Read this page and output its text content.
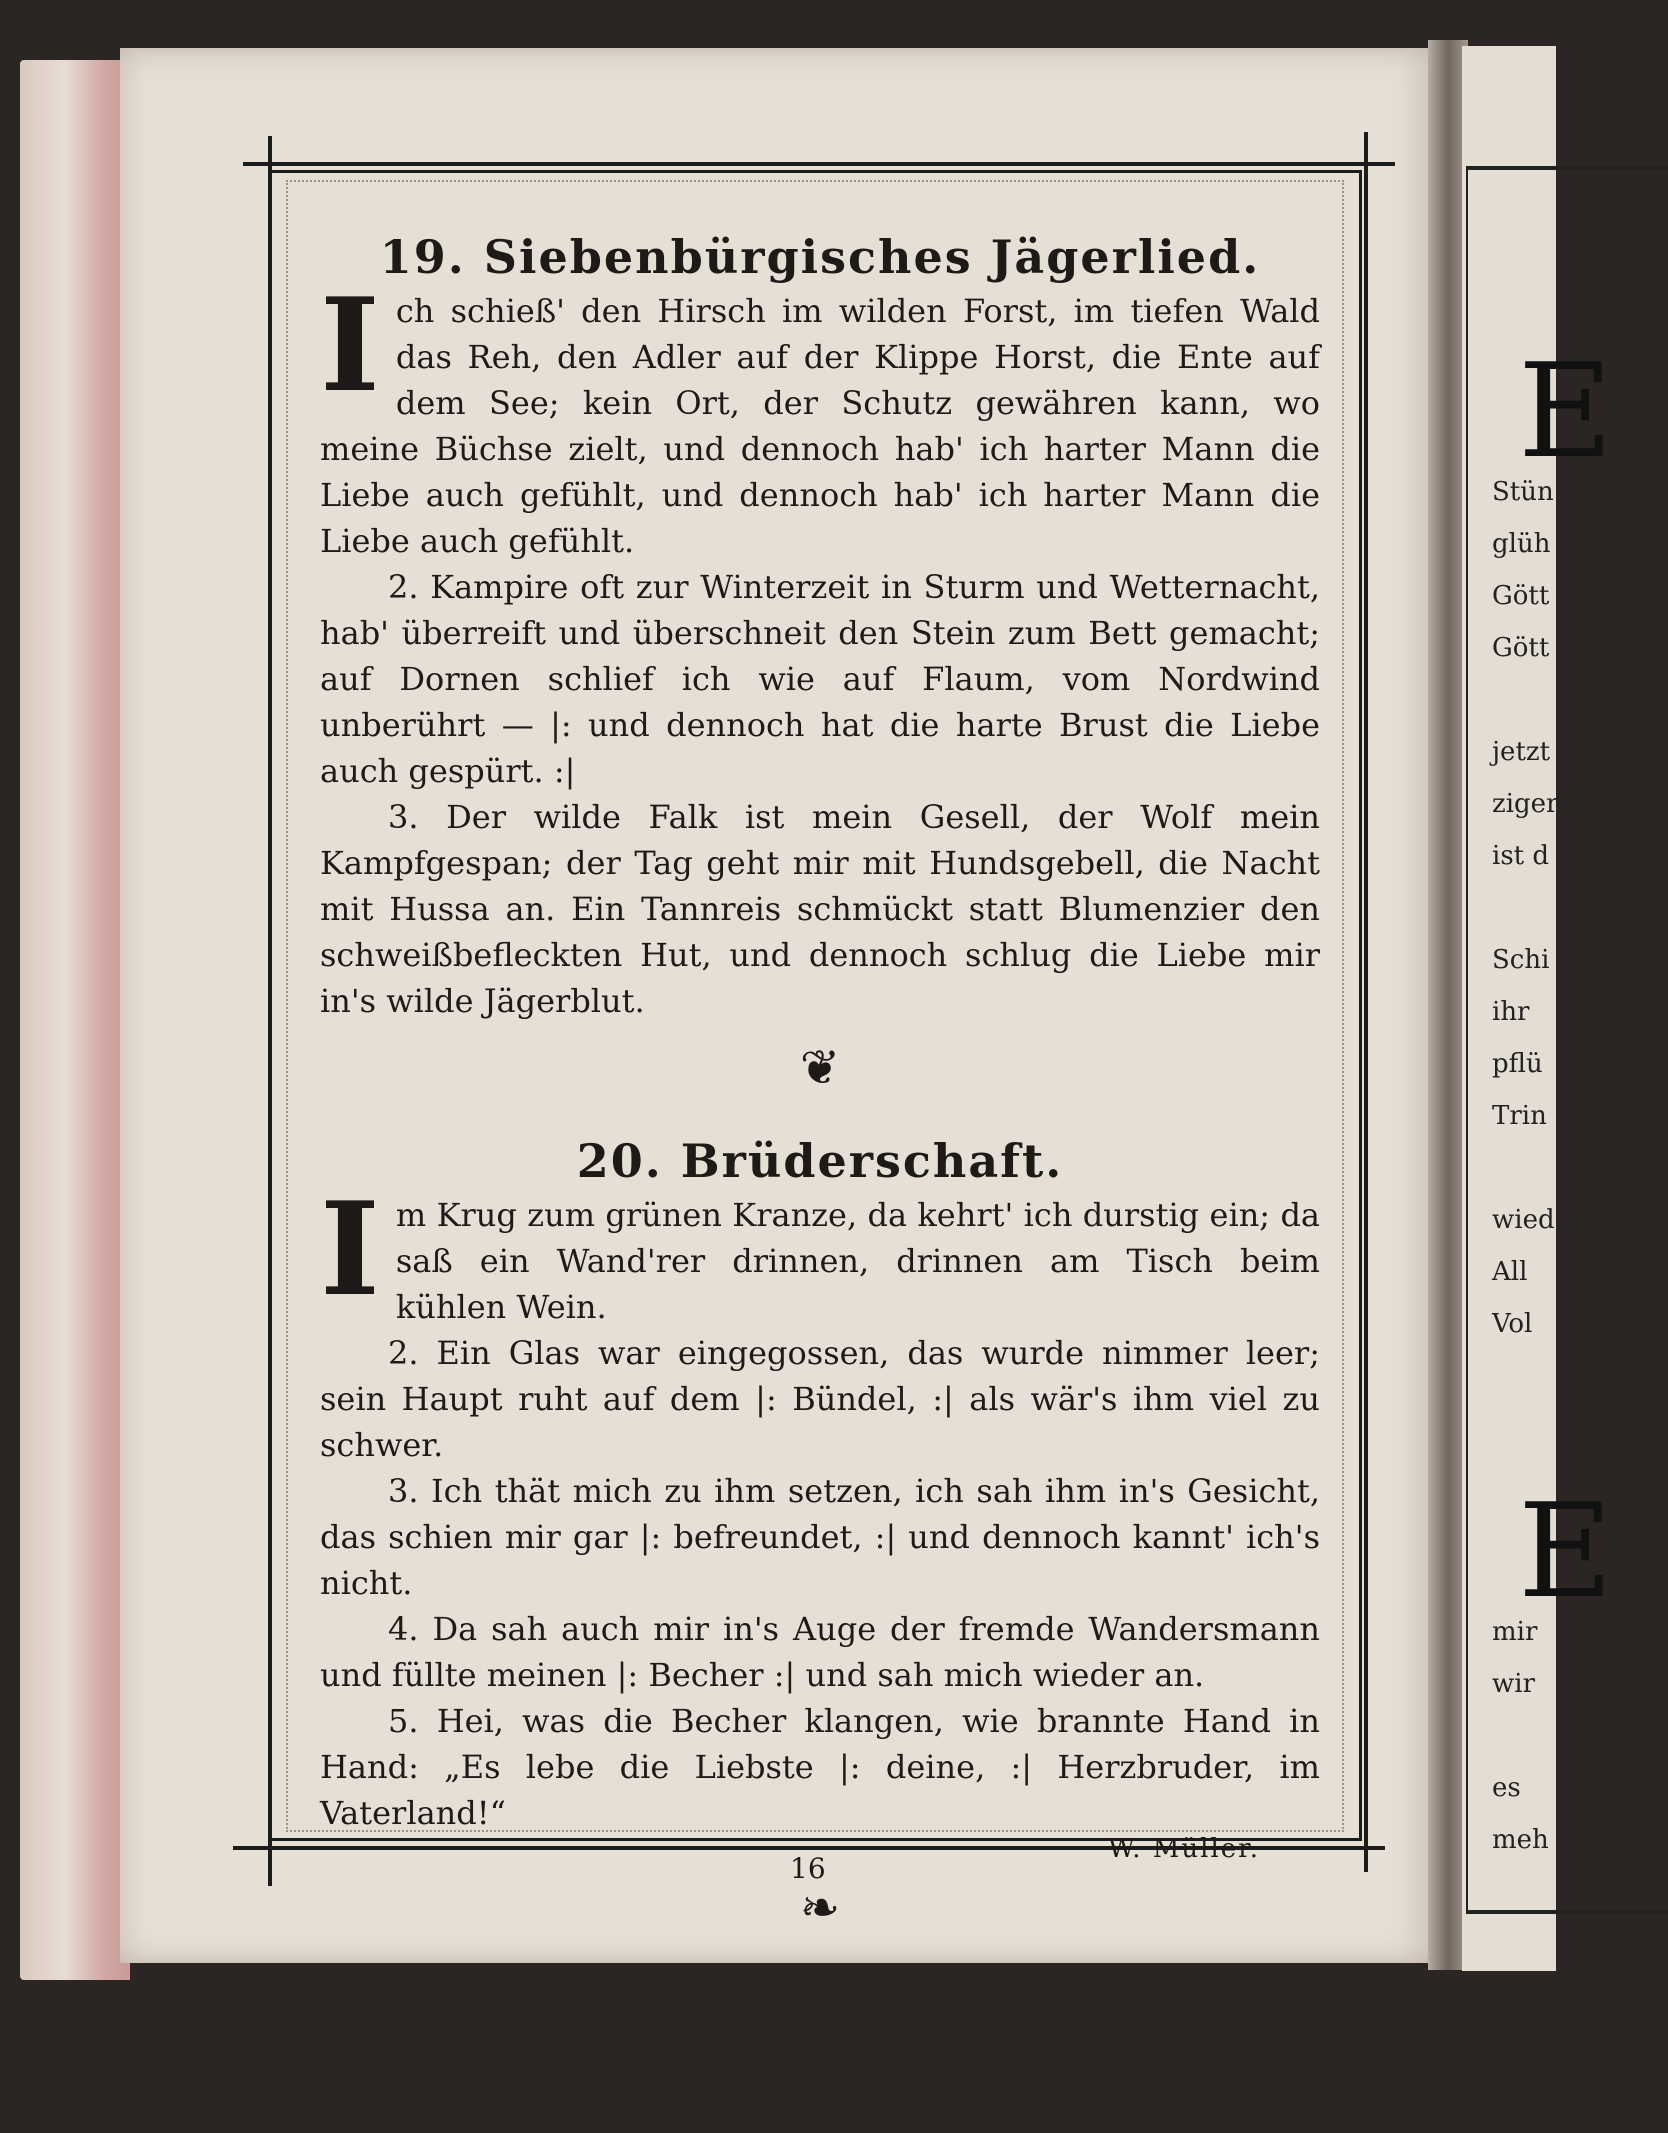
E
Stün
glüh
Gött
Gött

jetzt
ziger
ist d

Schi
ihr
pflü
Trin

wied
All
Vol
E
mir
wir

es
meh
19. Siebenbürgisches Jägerlied.

Ich schieß' den Hirsch im wilden Forst, im tiefen Wald das Reh, den Adler auf der Klippe Horst, die Ente auf dem See; kein Ort, der Schutz gewähren kann, wo meine Büchse zielt, und dennoch hab' ich harter Mann die Liebe auch gefühlt, und dennoch hab' ich harter Mann die Liebe auch gefühlt.

2. Kampire oft zur Winterzeit in Sturm und Wetternacht, hab' überreift und überschneit den Stein zum Bett gemacht; auf Dornen schlief ich wie auf Flaum, vom Nordwind unberührt — |: und dennoch hat die harte Brust die Liebe auch gespürt. :|

3. Der wilde Falk ist mein Gesell, der Wolf mein Kampfgespan; der Tag geht mir mit Hundsgebell, die Nacht mit Hussa an. Ein Tannreis schmückt statt Blumenzier den schweißbefleckten Hut, und dennoch schlug die Liebe mir in's wilde Jägerblut.

❦
20. Brüderschaft.

Im Krug zum grünen Kranze, da kehrt' ich durstig ein; da saß ein Wand'rer drinnen, drinnen am Tisch beim kühlen Wein.

2. Ein Glas war eingegossen, das wurde nimmer leer; sein Haupt ruht auf dem |: Bündel, :| als wär's ihm viel zu schwer.

3. Ich thät mich zu ihm setzen, ich sah ihm in's Gesicht, das schien mir gar |: befreundet, :| und dennoch kannt' ich's nicht.

4. Da sah auch mir in's Auge der fremde Wandersmann und füllte meinen |: Becher :| und sah mich wieder an.

5. Hei, was die Becher klangen, wie brannte Hand in Hand: „Es lebe die Liebste |: deine, :| Herzbruder, im Vaterland!“

W. Müller.
❧
16
